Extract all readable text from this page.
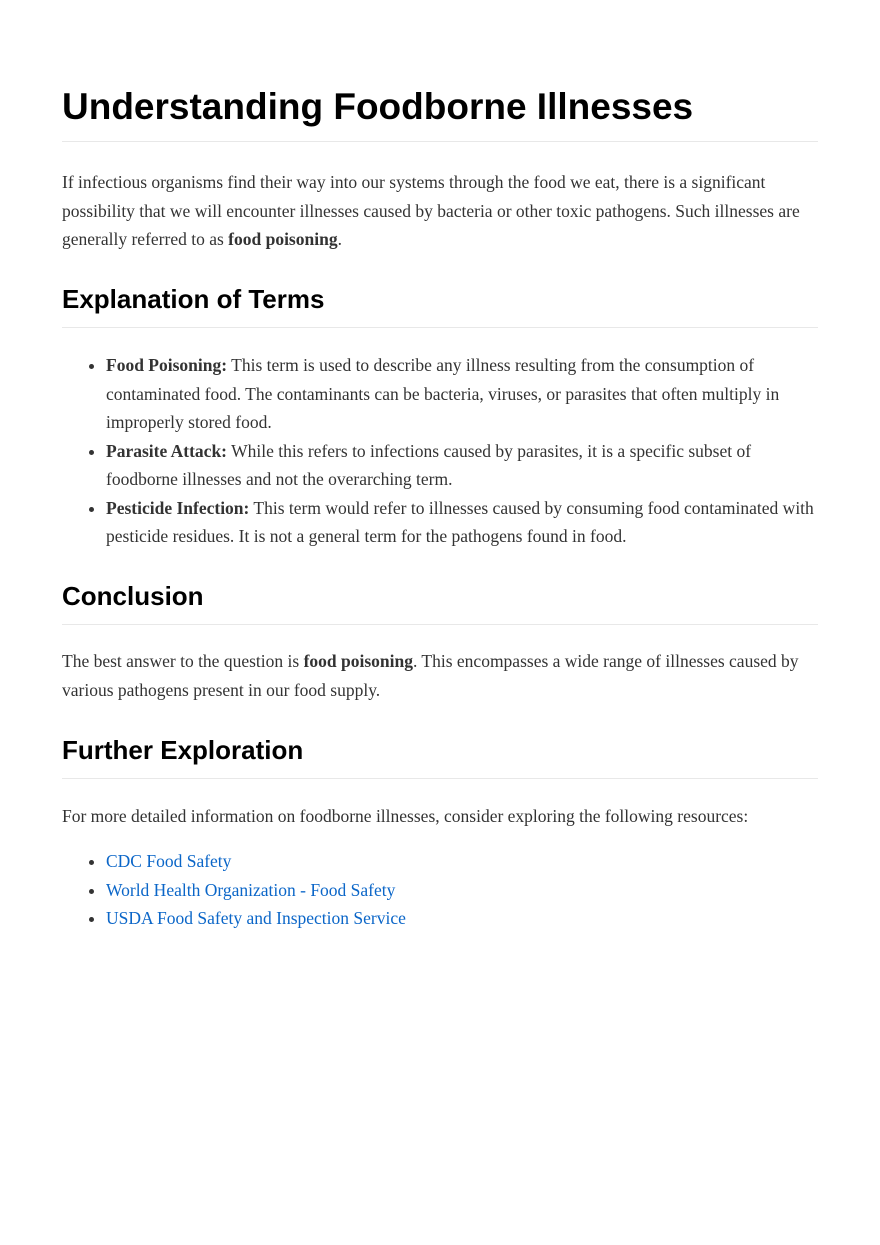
Understanding Foodborne Illnesses

If infectious organisms find their way into our systems through the food we eat, there is a significant possibility that we will encounter illnesses caused by bacteria or other toxic pathogens. Such illnesses are generally referred to as food poisoning.

Explanation of Terms
• Food Poisoning: This term is used to describe any illness resulting from the consumption of contaminated food. The contaminants can be bacteria, viruses, or parasites that often multiply in improperly stored food.
• Parasite Attack: While this refers to infections caused by parasites, it is a specific subset of foodborne illnesses and not the overarching term.
• Pesticide Infection: This term would refer to illnesses caused by consuming food contaminated with pesticide residues. It is not a general term for the pathogens found in food.
Conclusion

The best answer to the question is food poisoning. This encompasses a wide range of illnesses caused by various pathogens present in our food supply.

Further Exploration

For more detailed information on foodborne illnesses, consider exploring the following resources:

• CDC Food Safety
• World Health Organization - Food Safety
• USDA Food Safety and Inspection Service
